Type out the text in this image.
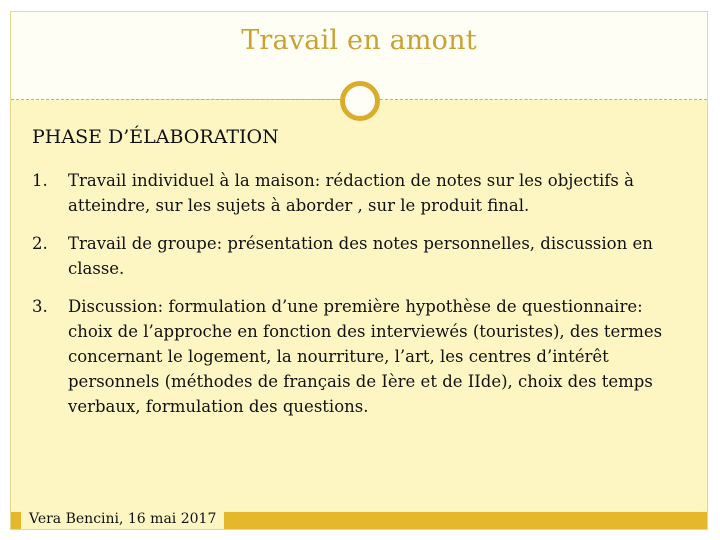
Travail en amont
PHASE D’ÉLABORATION
1.	Travail individuel à la maison: rédaction de notes sur les objectifs à atteindre, sur les sujets à aborder , sur le produit final.
2.	Travail de groupe: présentation des notes personnelles, discussion en classe.
3.	Discussion: formulation d’une première hypothèse de questionnaire: choix de l’approche en fonction des interviewés (touristes), des termes concernant le logement, la nourriture, l’art, les centres d’intérêt personnels (méthodes de français de Ière et de IIde), choix des temps verbaux, formulation des questions.
Vera Bencini, 16 mai 2017
